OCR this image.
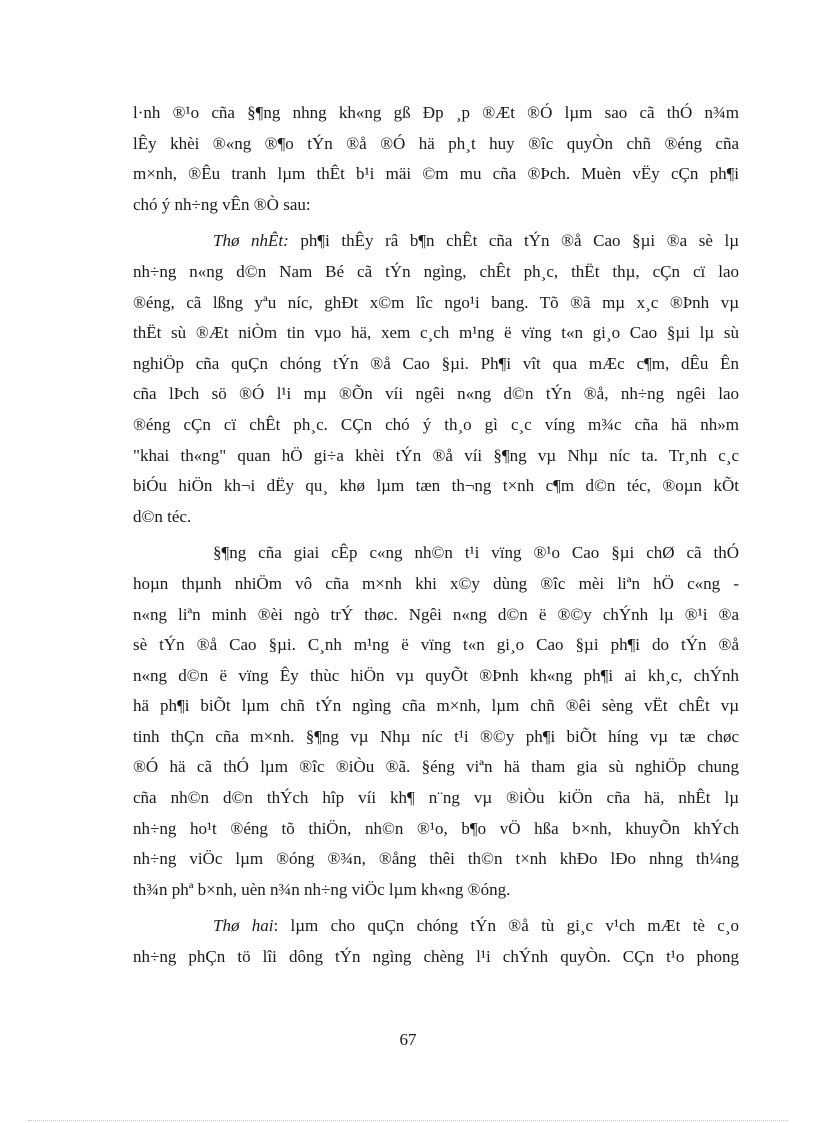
l·nh ®¹o cña §¶ng nhng kh«ng gß Ðp ¸p ®Æt ®Ó lµm sao cã thÓ n¾m
lÊy khèi ®«ng ®¶o tÝn ®å ®Ó hä ph¸t huy ®îc quyÒn chñ ®éng cña
m×nh, ®Êu tranh lµm thÊt b¹i mäi ©m mu cña ®Þch. Muèn vËy cÇn ph¶i
chó ý nh÷ng vÊn ®Ò sau:

Thø nhÊt: ph¶i thÊy râ b¶n chÊt cña tÝn ®å Cao §µi ®a sè lµ
nh÷ng n«ng d©n Nam Bé cã tÝn ngìng, chÊt ph¸c, thËt thµ, cÇn cï lao
®éng, cã lßng yªu níc, ghÐt x©m lîc ngo¹i bang. Tõ ®ã mµ x¸c ®Þnh vµ
thËt sù ®Æt niÒm tin vµo hä, xem c¸ch m¹ng ë vïng t«n gi¸o Cao §µi lµ sù
nghiÖp cña quÇn chóng tÝn ®å Cao §µi. Ph¶i vît qua mÆc c¶m, dÊu Ên
cña lÞch sö ®Ó l¹i mµ ®Õn víi ngêi n«ng d©n tÝn ®å, nh÷ng ngêi lao
®éng cÇn cï chÊt ph¸c. CÇn chó ý th¸o gì c¸c víng m¾c cña hä nh»m
"khai th«ng" quan hÖ gi÷a khèi tÝn ®å víi §¶ng vµ Nhµ níc ta. Tr¸nh c¸c
biÓu hiÖn kh¬i dËy qu¸ khø lµm tæn th¬ng t×nh c¶m d©n téc, ®oµn kÕt
d©n téc.

§¶ng cña giai cÊp c«ng nh©n t¹i vïng ®¹o Cao §µi chØ cã thÓ
hoµn thµnh nhiÖm vô cña m×nh khi x©y dùng ®îc mèi liªn hÖ c«ng -
n«ng liªn minh ®èi ngò trÝ thøc. Ngêi n«ng d©n ë ®©y chÝnh lµ ®¹i ®a
sè tÝn ®å Cao §µi. C¸nh m¹ng ë vïng t«n gi¸o Cao §µi ph¶i do tÝn ®å
n«ng d©n ë vïng Êy thùc hiÖn vµ quyÕt ®Þnh kh«ng ph¶i ai kh¸c, chÝnh
hä ph¶i biÕt lµm chñ tÝn ngìng cña m×nh, lµm chñ ®êi sèng vËt chÊt vµ
tinh thÇn cña m×nh. §¶ng vµ Nhµ níc t¹i ®©y ph¶i biÕt híng vµ tæ chøc
®Ó hä cã thÓ lµm ®îc ®iÒu ®ã. §éng viªn hä tham gia sù nghiÖp chung
cña nh©n d©n thÝch hîp víi kh¶ n¨ng vµ ®iÒu kiÖn cña hä, nhÊt lµ
nh÷ng ho¹t ®éng tõ thiÖn, nh©n ®¹o, b¶o vÖ hßa b×nh, khuyÕn khÝch
nh÷ng viÖc lµm ®óng ®¾n, ®ång thêi th©n t×nh khÐo lÐo nhng th¼ng
th¾n phª b×nh, uèn n¾n nh÷ng viÖc lµm kh«ng ®óng.

Thø hai: lµm cho quÇn chóng tÝn ®å tù gi¸c v¹ch mÆt tè c¸o
nh÷ng phÇn tö lîi dông tÝn ngìng chèng l¹i chÝnh quyÒn. CÇn t¹o phong

67
